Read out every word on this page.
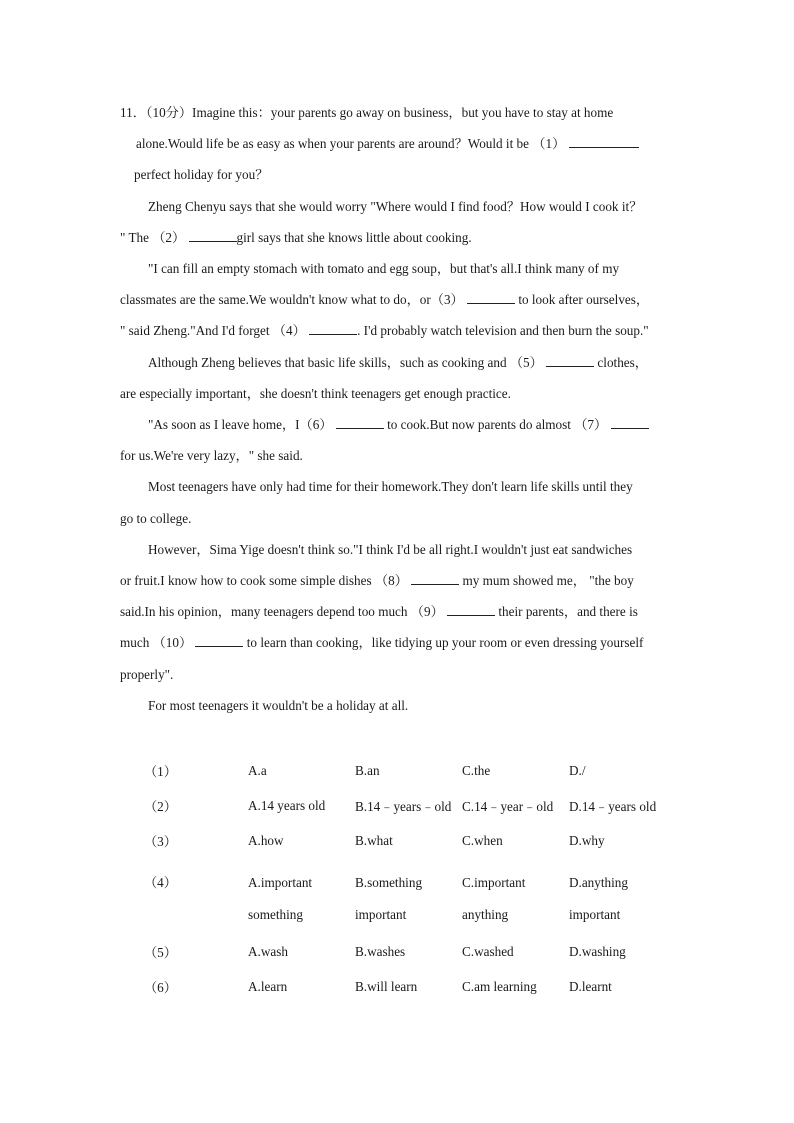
11．（10分）Imagine this：your parents go away on business，but you have to stay at home

alone.Would life be as easy as when your parents are around？Would it be （1）

perfect holiday for you？

Zheng Chenyu says that she would worry "Where would I find food？How would I cook it？

" The （2）	girl says that she knows little about cooking.

"I can fill an empty stomach with tomato and egg soup，but that's all.I think many of my

classmates are the same.We wouldn't know what to do，or（3）	to look after ourselves，

" said Zheng."And I'd forget （4）	. I'd probably watch television and then burn the soup."

Although Zheng believes that basic life skills，such as cooking and （5）	clothes，

are especially important，she doesn't think teenagers get enough practice.

"As soon as I leave home，I（6）	to cook.But now parents do almost （7）

for us.We're very lazy，" she said.

Most teenagers have only had time for their homework.They don't learn life skills until they

go to college.

However，Sima Yige doesn't think so."I think I'd be all right.I wouldn't just eat sandwiches

or fruit.I know how to cook some simple dishes （8）	my mum showed me， "the boy

said.In his opinion，many teenagers depend too much （9）	their parents，and there is

much （10）	to learn than cooking，like tidying up your room or even dressing yourself

properly".

For most teenagers it wouldn't be a holiday at all.

（1）	A.a	B.an	C.the	D./
（2）	A.14 years old	B.14﹣years﹣old	C.14﹣year﹣old	D.14﹣years old
（3）	A.how	B.what	C.when	D.why
（4）	A.important something	B.something important	C.important anything	D.anything important
（5）	A.wash	B.washes	C.washed	D.washing
（6）	A.learn	B.will learn	C.am learning	D.learnt
